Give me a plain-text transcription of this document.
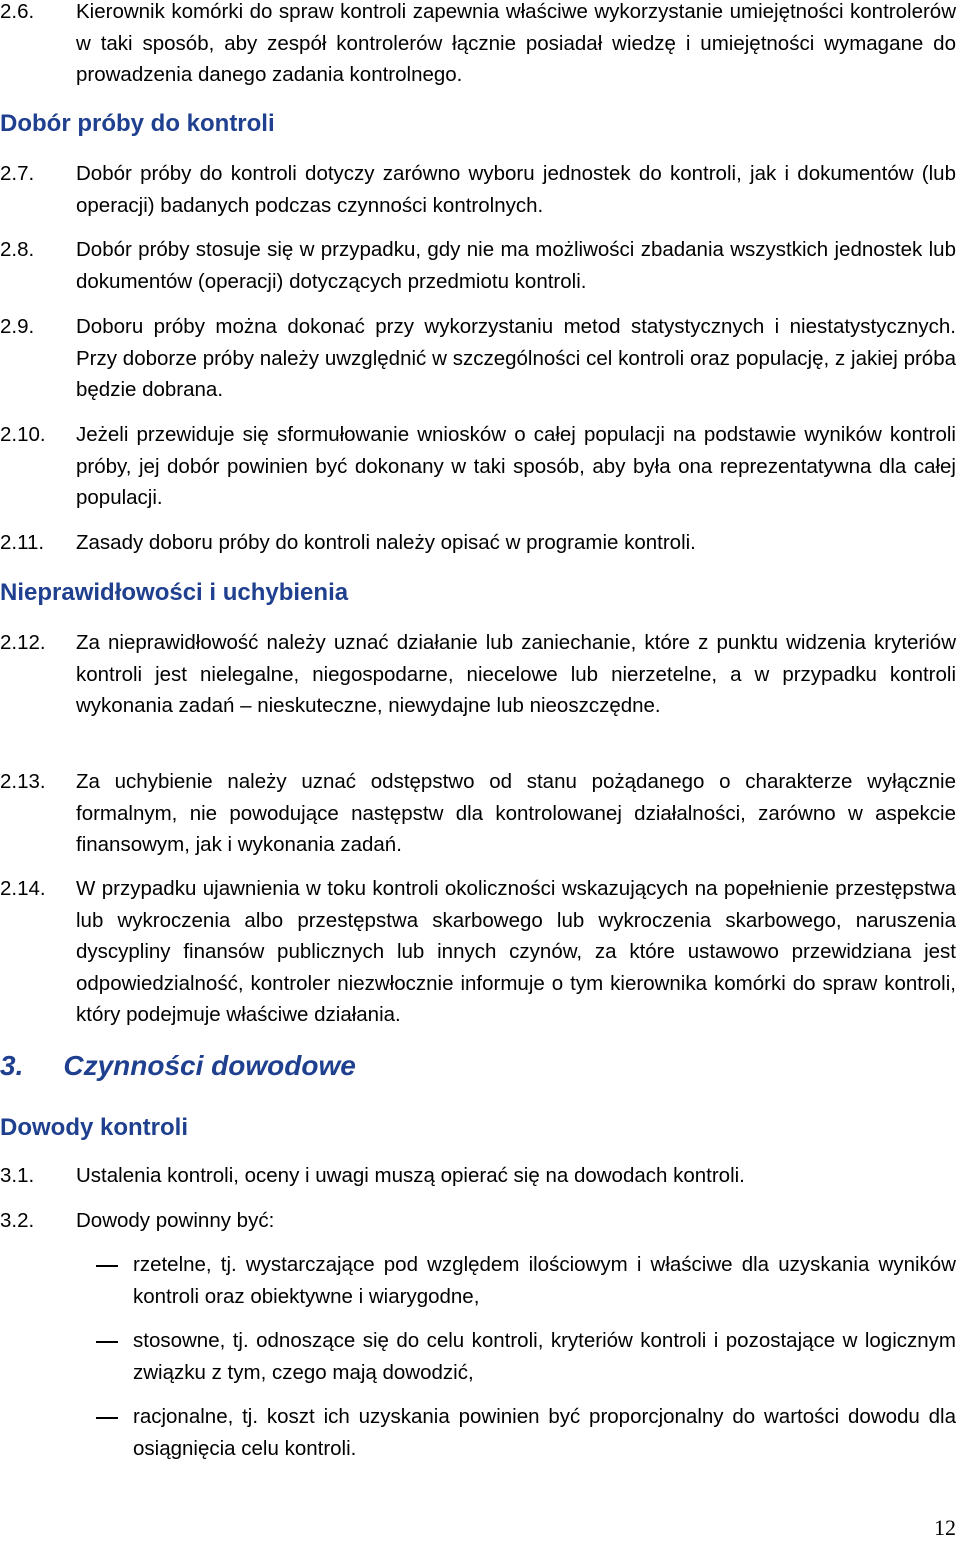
2.6. Kierownik komórki do spraw kontroli zapewnia właściwe wykorzystanie umiejętności kontrolerów w taki sposób, aby zespół kontrolerów łącznie posiadał wiedzę i umiejętności wymagane do prowadzenia danego zadania kontrolnego.
Dobór próby do kontroli
2.7. Dobór próby do kontroli dotyczy zarówno wyboru jednostek do kontroli, jak i dokumentów (lub operacji) badanych podczas czynności kontrolnych.
2.8. Dobór próby stosuje się w przypadku, gdy nie ma możliwości zbadania wszystkich jednostek lub dokumentów (operacji) dotyczących przedmiotu kontroli.
2.9. Doboru próby można dokonać przy wykorzystaniu metod statystycznych i niestatystycznych. Przy doborze próby należy uwzględnić w szczególności cel kontroli oraz populację, z jakiej próba będzie dobrana.
2.10. Jeżeli przewiduje się sformułowanie wniosków o całej populacji na podstawie wyników kontroli próby, jej dobór powinien być dokonany w taki sposób, aby była ona reprezentatywna dla całej populacji.
2.11. Zasady doboru próby do kontroli należy opisać w programie kontroli.
Nieprawidłowości i uchybienia
2.12. Za nieprawidłowość należy uznać działanie lub zaniechanie, które z punktu widzenia kryteriów kontroli jest nielegalne, niegospodarne, niecelowe lub nierzetelne, a w przypadku kontroli wykonania zadań – nieskuteczne, niewydajne lub nieoszczędne.
2.13. Za uchybienie należy uznać odstępstwo od stanu pożądanego o charakterze wyłącznie formalnym, nie powodujące następstw dla kontrolowanej działalności, zarówno w aspekcie finansowym, jak i wykonania zadań.
2.14. W przypadku ujawnienia w toku kontroli okoliczności wskazujących na popełnienie przestępstwa lub wykroczenia albo przestępstwa skarbowego lub wykroczenia skarbowego, naruszenia dyscypliny finansów publicznych lub innych czynów, za które ustawowo przewidziana jest odpowiedzialność, kontroler niezwłocznie informuje o tym kierownika komórki do spraw kontroli, który podejmuje właściwe działania.
3. Czynności dowodowe
Dowody kontroli
3.1. Ustalenia kontroli, oceny i uwagi muszą opierać się na dowodach kontroli.
3.2. Dowody powinny być:
rzetelne, tj. wystarczające pod względem ilościowym i właściwe dla uzyskania wyników kontroli oraz obiektywne i wiarygodne,
stosowne, tj. odnoszące się do celu kontroli, kryteriów kontroli i pozostające w logicznym związku z tym, czego mają dowodzić,
racjonalne, tj. koszt ich uzyskania powinien być proporcjonalny do wartości dowodu dla osiągnięcia celu kontroli.
12
